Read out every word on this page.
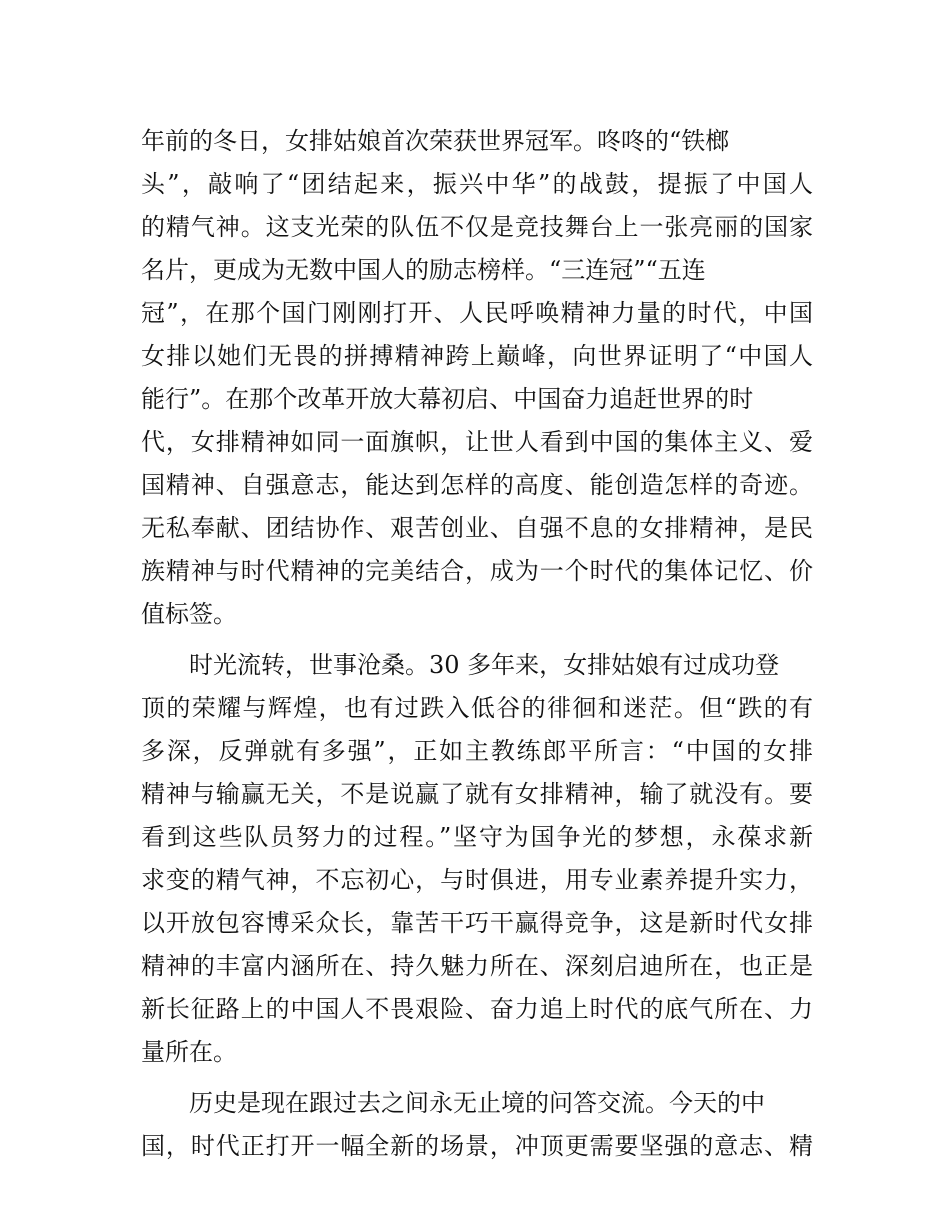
年前的冬日，女排姑娘首次荣获世界冠军。咚咚的“铁榔
头”，敲响了“团结起来，振兴中华”的战鼓，提振了中国人
的精气神。这支光荣的队伍不仅是竞技舞台上一张亮丽的国家
名片，更成为无数中国人的励志榜样。“三连冠”“五连
冠”，在那个国门刚刚打开、人民呼唤精神力量的时代，中国
女排以她们无畏的拼搏精神跨上巅峰，向世界证明了“中国人
能行”。在那个改革开放大幕初启、中国奋力追赶世界的时
代，女排精神如同一面旗帜，让世人看到中国的集体主义、爱
国精神、自强意志，能达到怎样的高度、能创造怎样的奇迹。
无私奉献、团结协作、艰苦创业、自强不息的女排精神，是民
族精神与时代精神的完美结合，成为一个时代的集体记忆、价
值标签。
时光流转，世事沧桑。30 多年来，女排姑娘有过成功登
顶的荣耀与辉煌，也有过跌入低谷的徘徊和迷茫。但“跌的有
多深，反弹就有多强”，正如主教练郎平所言：“中国的女排
精神与输赢无关，不是说赢了就有女排精神，输了就没有。要
看到这些队员努力的过程。”坚守为国争光的梦想，永葆求新
求变的精气神，不忘初心，与时俱进，用专业素养提升实力，
以开放包容博采众长，靠苦干巧干赢得竞争，这是新时代女排
精神的丰富内涵所在、持久魅力所在、深刻启迪所在，也正是
新长征路上的中国人不畏艰险、奋力追上时代的底气所在、力
量所在。
历史是现在跟过去之间永无止境的问答交流。今天的中
国，时代正打开一幅全新的场景，冲顶更需要坚强的意志、精
